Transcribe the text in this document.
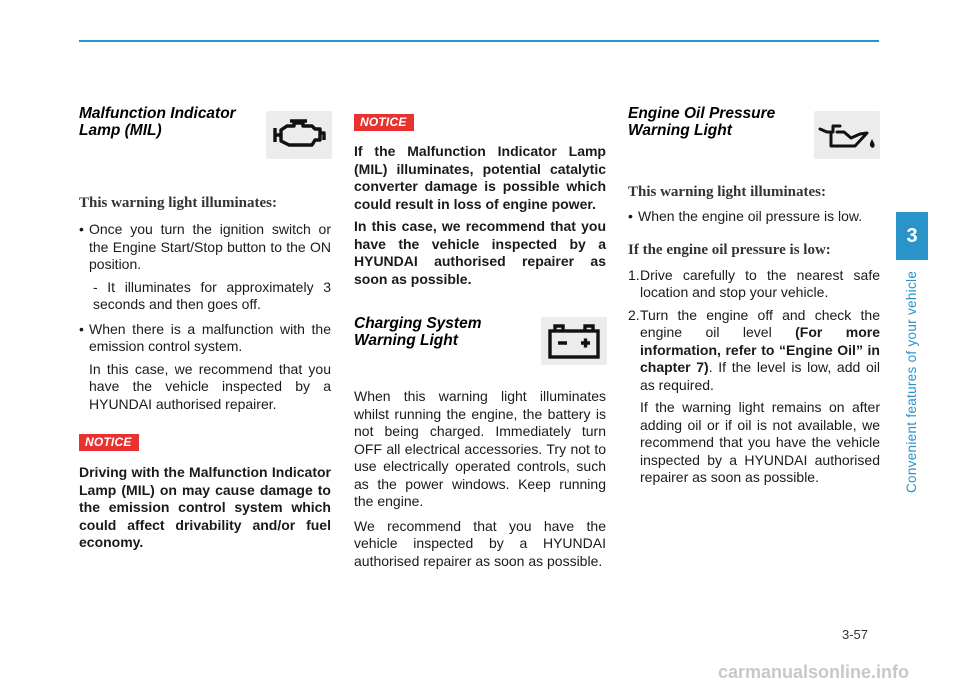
Malfunction Indicator Lamp (MIL)
This warning light illuminates:
• Once you turn the ignition switch or the Engine Start/Stop button to the ON position.
- It illuminates for approximately 3 seconds and then goes off.
• When there is a malfunction with the emission control system.
In this case, we recommend that you have the vehicle inspected by a HYUNDAI authorised repairer.
NOTICE
Driving with the Malfunction Indicator Lamp (MIL) on may cause damage to the emission control system which could affect drivability and/or fuel economy.
NOTICE
If the Malfunction Indicator Lamp (MIL) illuminates, potential catalytic converter damage is possible which could result in loss of engine power.
In this case, we recommend that you have the vehicle inspected by a HYUNDAI authorised repairer as soon as possible.
Charging System Warning Light
When this warning light illuminates whilst running the engine, the battery is not being charged. Immediately turn OFF all electrical accessories. Try not to use electrically operated controls, such as the power windows. Keep running the engine.
We recommend that you have the vehicle inspected by a HYUNDAI authorised repairer as soon as possible.
Engine Oil Pressure Warning Light
This warning light illuminates:
• When the engine oil pressure is low.
If the engine oil pressure is low:
1. Drive carefully to the nearest safe location and stop your vehicle.
2. Turn the engine off and check the engine oil level (For more information, refer to “Engine Oil” in chapter 7). If the level is low, add oil as required.
If the warning light remains on after adding oil or if oil is not available, we recommend that you have the vehicle inspected by a HYUNDAI authorised repairer as soon as possible.
3
Convenient features of your vehicle
3-57
carmanualsonline.info
